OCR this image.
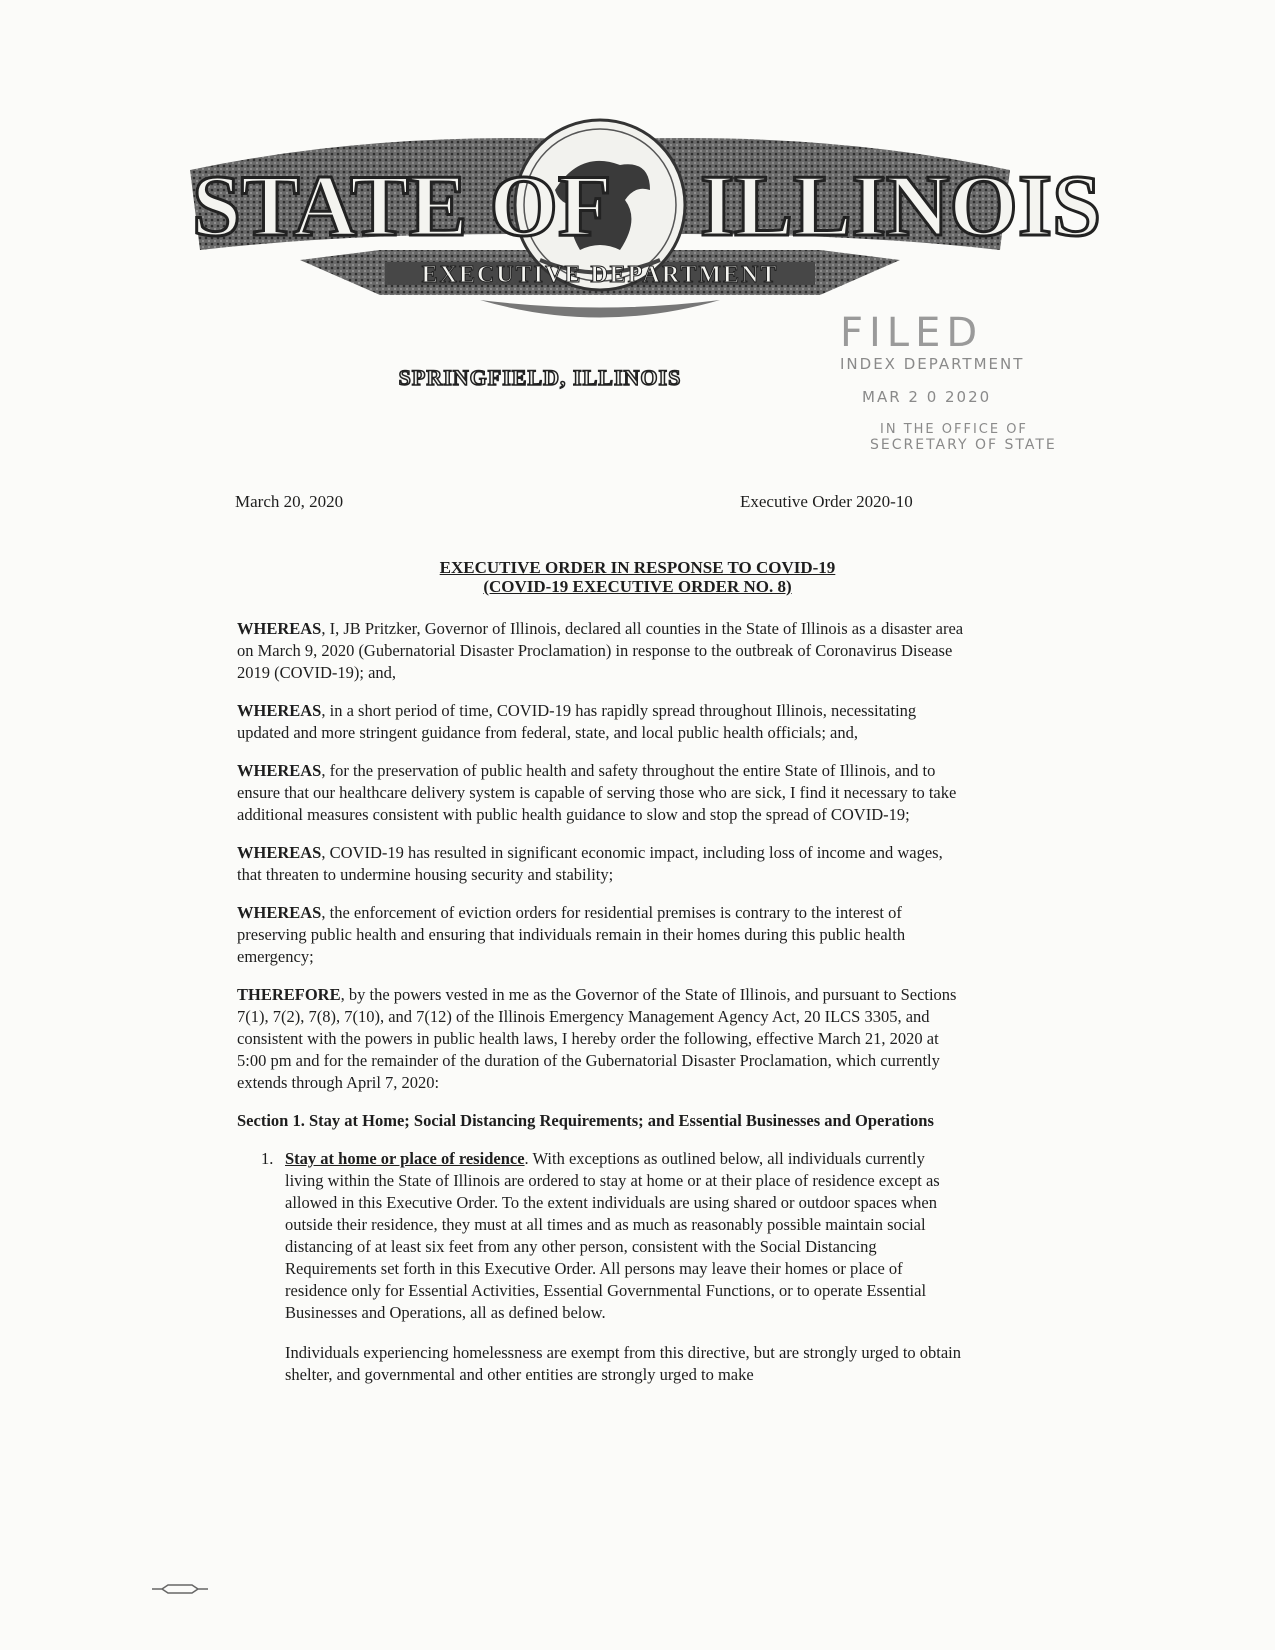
STATE OF ILLINOIS
EXECUTIVE DEPARTMENT
SPRINGFIELD, ILLINOIS
FILED
INDEX DEPARTMENT
MAR 2 0 2020
IN THE OFFICE OF
SECRETARY OF STATE
March 20, 2020	Executive Order 2020-10
EXECUTIVE ORDER IN RESPONSE TO COVID-19
(COVID-19 EXECUTIVE ORDER NO. 8)

WHEREAS, I, JB Pritzker, Governor of Illinois, declared all counties in the State of Illinois as a disaster area on March 9, 2020 (Gubernatorial Disaster Proclamation) in response to the outbreak of Coronavirus Disease 2019 (COVID-19); and,

WHEREAS, in a short period of time, COVID-19 has rapidly spread throughout Illinois, necessitating updated and more stringent guidance from federal, state, and local public health officials; and,

WHEREAS, for the preservation of public health and safety throughout the entire State of Illinois, and to ensure that our healthcare delivery system is capable of serving those who are sick, I find it necessary to take additional measures consistent with public health guidance to slow and stop the spread of COVID-19;

WHEREAS, COVID-19 has resulted in significant economic impact, including loss of income and wages, that threaten to undermine housing security and stability;

WHEREAS, the enforcement of eviction orders for residential premises is contrary to the interest of preserving public health and ensuring that individuals remain in their homes during this public health emergency;

THEREFORE, by the powers vested in me as the Governor of the State of Illinois, and pursuant to Sections 7(1), 7(2), 7(8), 7(10), and 7(12) of the Illinois Emergency Management Agency Act, 20 ILCS 3305, and consistent with the powers in public health laws, I hereby order the following, effective March 21, 2020 at 5:00 pm and for the remainder of the duration of the Gubernatorial Disaster Proclamation, which currently extends through April 7, 2020:

Section 1. Stay at Home; Social Distancing Requirements; and Essential Businesses and Operations
1. Stay at home or place of residence. With exceptions as outlined below, all individuals currently living within the State of Illinois are ordered to stay at home or at their place of residence except as allowed in this Executive Order. To the extent individuals are using shared or outdoor spaces when outside their residence, they must at all times and as much as reasonably possible maintain social distancing of at least six feet from any other person, consistent with the Social Distancing Requirements set forth in this Executive Order. All persons may leave their homes or place of residence only for Essential Activities, Essential Governmental Functions, or to operate Essential Businesses and Operations, all as defined below.

Individuals experiencing homelessness are exempt from this directive, but are strongly urged to obtain shelter, and governmental and other entities are strongly urged to make
